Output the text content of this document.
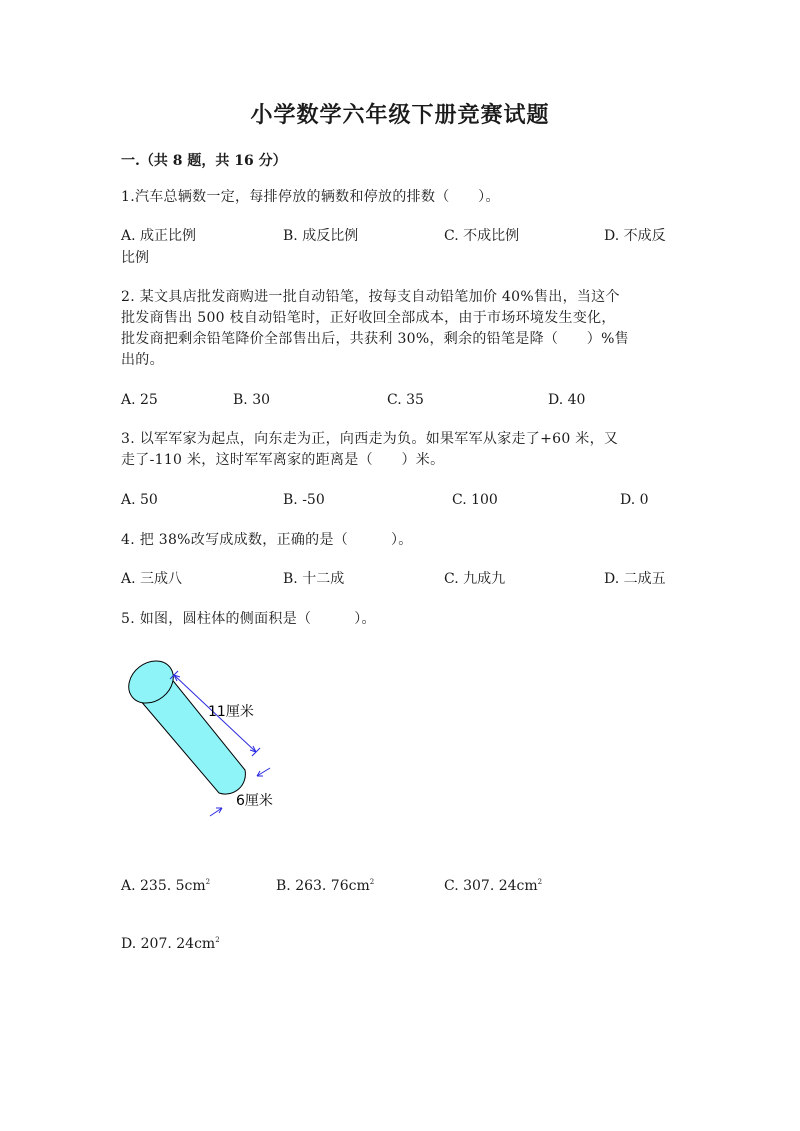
小学数学六年级下册竞赛试题
一.（共 8 题，共 16 分）
1.汽车总辆数一定，每排停放的辆数和停放的排数（　　）。
A. 成正比例	B. 成反比例	C. 不成比例	D. 不成反
比例
2. 某文具店批发商购进一批自动铅笔，按每支自动铅笔加价 40%售出，当这个
批发商售出 500 枝自动铅笔时，正好收回全部成本，由于市场环境发生变化，
批发商把剩余铅笔降价全部售出后，共获利 30%，剩余的铅笔是降（　　）%售
出的。
A. 25	B. 30	C. 35	D. 40
3. 以军军家为起点，向东走为正，向西走为负。如果军军从家走了+60 米，又
走了-110 米，这时军军离家的距离是（　　）米。
A. 50	B. -50	C. 100	D. 0
4. 把 38%改写成成数，正确的是（　　　）。
A. 三成八	B. 十二成	C. 九成九	D. 二成五
5. 如图，圆柱体的侧面积是（　　　）。
11厘米
6厘米
A. 235. $5cm^2$	B. 263. $76cm^2$	C. 307. $24cm^2$
D. 207. $24cm^2$
